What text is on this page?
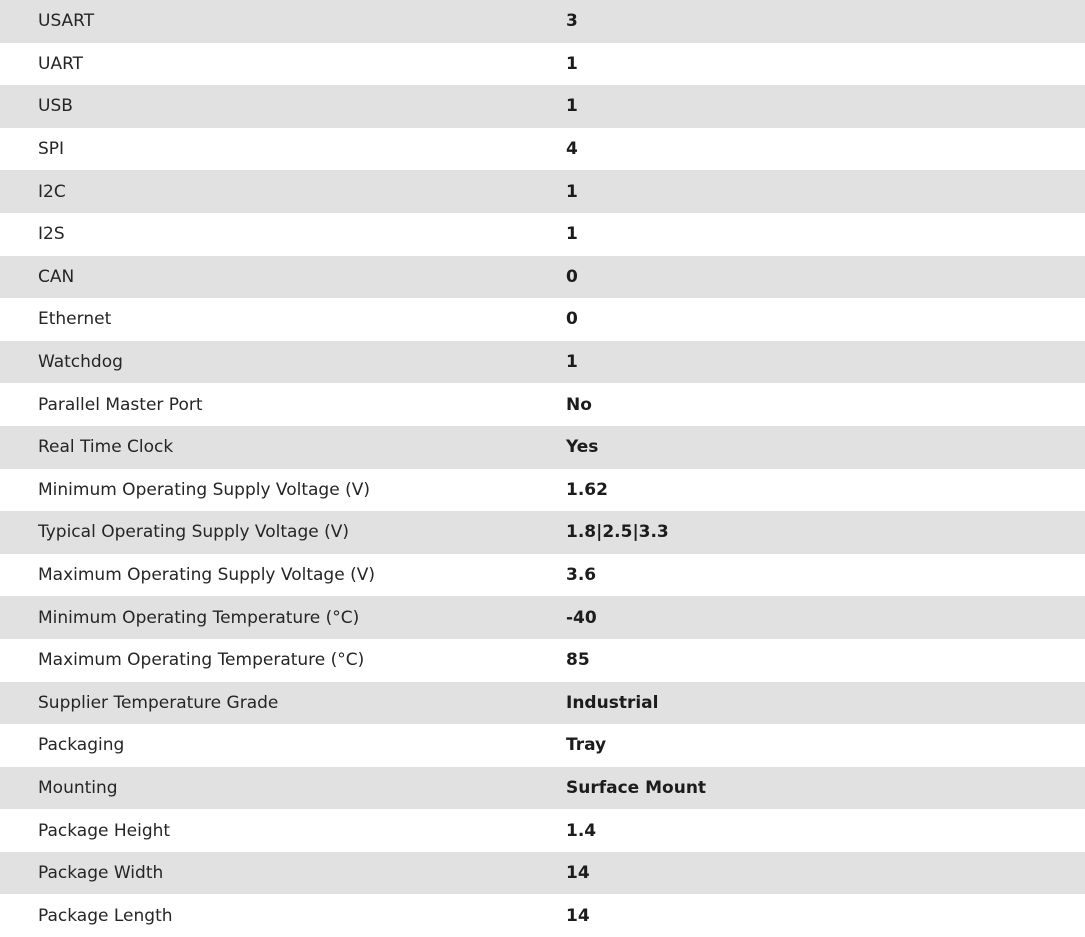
USART	3
UART	1
USB	1
SPI	4
I2C	1
I2S	1
CAN	0
Ethernet	0
Watchdog	1
Parallel Master Port	No
Real Time Clock	Yes
Minimum Operating Supply Voltage (V)	1.62
Typical Operating Supply Voltage (V)	1.8|2.5|3.3
Maximum Operating Supply Voltage (V)	3.6
Minimum Operating Temperature (°C)	-40
Maximum Operating Temperature (°C)	85
Supplier Temperature Grade	Industrial
Packaging	Tray
Mounting	Surface Mount
Package Height	1.4
Package Width	14
Package Length	14
